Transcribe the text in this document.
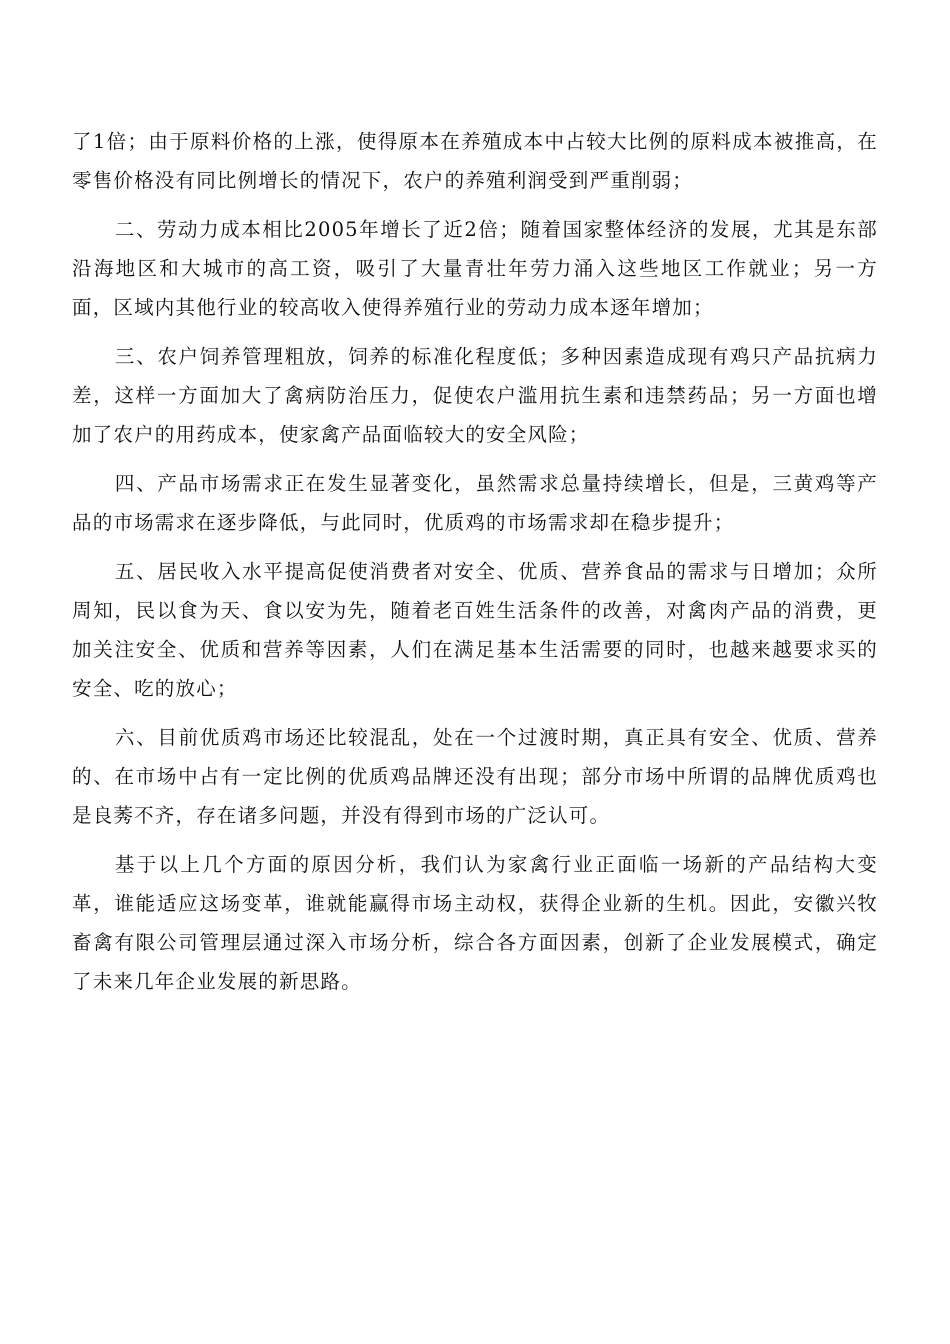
了1倍；由于原料价格的上涨，使得原本在养殖成本中占较大比例的原料成本被推高，在零售价格没有同比例增长的情况下，农户的养殖利润受到严重削弱；

二、劳动力成本相比2005年增长了近2倍；随着国家整体经济的发展，尤其是东部沿海地区和大城市的高工资，吸引了大量青壮年劳力涌入这些地区工作就业；另一方面，区域内其他行业的较高收入使得养殖行业的劳动力成本逐年增加；

三、农户饲养管理粗放，饲养的标准化程度低；多种因素造成现有鸡只产品抗病力差，这样一方面加大了禽病防治压力，促使农户滥用抗生素和违禁药品；另一方面也增加了农户的用药成本，使家禽产品面临较大的安全风险；

四、产品市场需求正在发生显著变化，虽然需求总量持续增长，但是，三黄鸡等产品的市场需求在逐步降低，与此同时，优质鸡的市场需求却在稳步提升；

五、居民收入水平提高促使消费者对安全、优质、营养食品的需求与日增加；众所周知，民以食为天、食以安为先，随着老百姓生活条件的改善，对禽肉产品的消费，更加关注安全、优质和营养等因素，人们在满足基本生活需要的同时，也越来越要求买的安全、吃的放心；

六、目前优质鸡市场还比较混乱，处在一个过渡时期，真正具有安全、优质、营养的、在市场中占有一定比例的优质鸡品牌还没有出现；部分市场中所谓的品牌优质鸡也是良莠不齐，存在诸多问题，并没有得到市场的广泛认可。

基于以上几个方面的原因分析，我们认为家禽行业正面临一场新的产品结构大变革，谁能适应这场变革，谁就能赢得市场主动权，获得企业新的生机。因此，安徽兴牧畜禽有限公司管理层通过深入市场分析，综合各方面因素，创新了企业发展模式，确定了未来几年企业发展的新思路。
